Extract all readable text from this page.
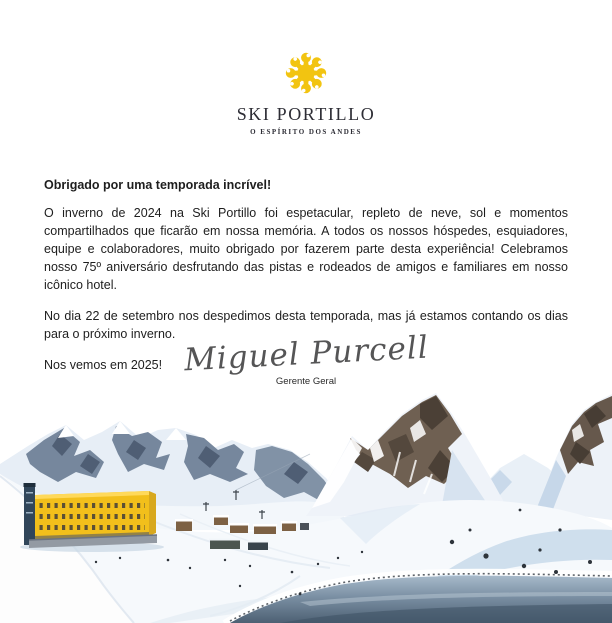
SKI PORTILLO
O ESPÍRITO DOS ANDES

Obrigado por uma temporada incrível!

O inverno de 2024 na Ski Portillo foi espetacular, repleto de neve, sol e momentos compartilhados que ficarão em nossa memória. A todos os nossos hóspedes, esquiadores, equipe e colaboradores, muito obrigado por fazerem parte desta experiência! Celebramos nosso 75º aniversário desfrutando das pistas e rodeados de amigos e familiares em nosso icônico hotel.

No dia 22 de setembro nos despedimos desta temporada, mas já estamos contando os dias para o próximo inverno.

Nos vemos em 2025! Miguel Purcell
Gerente Geral
